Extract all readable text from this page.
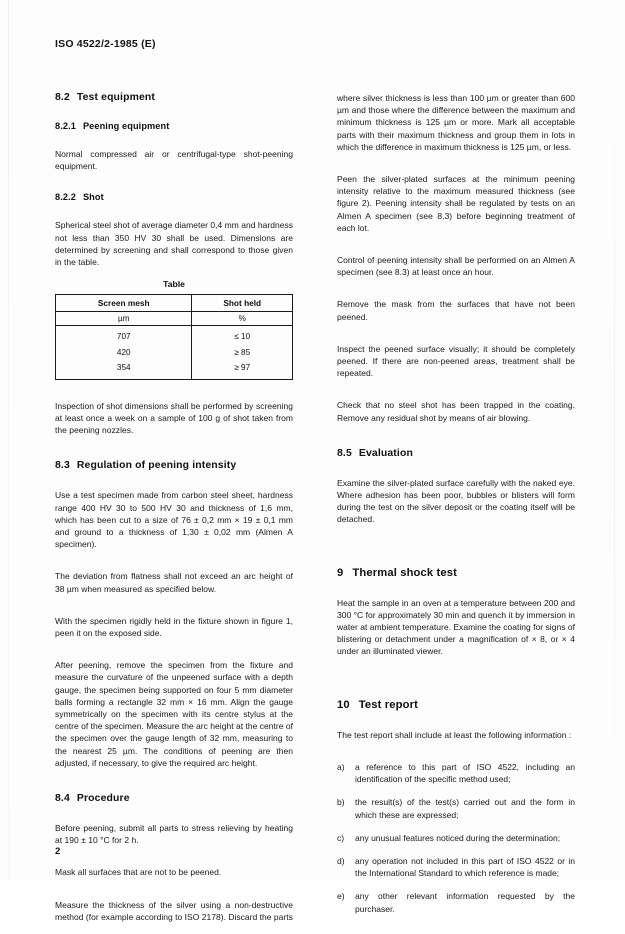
ISO 4522/2-1985 (E)
8.2 Test equipment
8.2.1 Peening equipment

Normal compressed air or centrifugal-type shot-peening equipment.

8.2.2 Shot

Spherical steel shot of average diameter 0,4 mm and hardness not less than 350 HV 30 shall be used. Dimensions are determined by screening and shall correspond to those given in the table.

Table
Screen mesh	Shot held
µm	%
707	≤ 10
420	≥ 85
354	≥ 97

Inspection of shot dimensions shall be performed by screening at least once a week on a sample of 100 g of shot taken from the peening nozzles.

8.3 Regulation of peening intensity

Use a test specimen made from carbon steel sheet, hardness range 400 HV 30 to 500 HV 30 and thickness of 1,6 mm, which has been cut to a size of 76 ± 0,2 mm × 19 ± 0,1 mm and ground to a thickness of 1,30 ± 0,02 mm (Almen A specimen).

The deviation from flatness shall not exceed an arc height of 38 µm when measured as specified below.

With the specimen rigidly held in the fixture shown in figure 1, peen it on the exposed side.

After peening, remove the specimen from the fixture and measure the curvature of the unpeened surface with a depth gauge, the specimen being supported on four 5 mm diameter balls forming a rectangle 32 mm × 16 mm. Align the gauge symmetrically on the specimen with its centre stylus at the centre of the specimen. Measure the arc height at the centre of the specimen over the gauge length of 32 mm, measuring to the nearest 25 µm. The conditions of peening are then adjusted, if necessary, to give the required arc height.

8.4 Procedure

Before peening, submit all parts to stress relieving by heating at 190 ± 10 °C for 2 h.

Mask all surfaces that are not to be peened.

Measure the thickness of the silver using a non-destructive method (for example according to ISO 2178). Discard the parts

where silver thickness is less than 100 µm or greater than 600 µm and those where the difference between the maximum and minimum thickness is 125 µm or more. Mark all acceptable parts with their maximum thickness and group them in lots in which the difference in maximum thickness is 125 µm, or less.

Peen the silver-plated surfaces at the minimum peening intensity relative to the maximum measured thickness (see figure 2). Peening intensity shall be regulated by tests on an Almen A specimen (see 8.3) before beginning treatment of each lot.

Control of peening intensity shall be performed on an Almen A specimen (see 8.3) at least once an hour.

Remove the mask from the surfaces that have not been peened.

Inspect the peened surface visually; it should be completely peened. If there are non-peened areas, treatment shall be repeated.

Check that no steel shot has been trapped in the coating. Remove any residual shot by means of air blowing.

8.5 Evaluation

Examine the silver-plated surface carefully with the naked eye. Where adhesion has been poor, bubbles or blisters will form during the test on the silver deposit or the coating itself will be detached.

9 Thermal shock test

Heat the sample in an oven at a temperature between 200 and 300 °C for approximately 30 min and quench it by immersion in water at ambient temperature. Examine the coating for signs of blistering or detachment under a magnification of × 8, or × 4 under an illuminated viewer.

10 Test report

The test report shall include at least the following information :

a) a reference to this part of ISO 4522, including an identification of the specific method used;
b) the result(s) of the test(s) carried out and the form in which these are expressed;
c) any unusual features noticed during the determination;
d) any operation not included in this part of ISO 4522 or in the International Standard to which reference is made;
e) any other relevant information requested by the purchaser.
2
